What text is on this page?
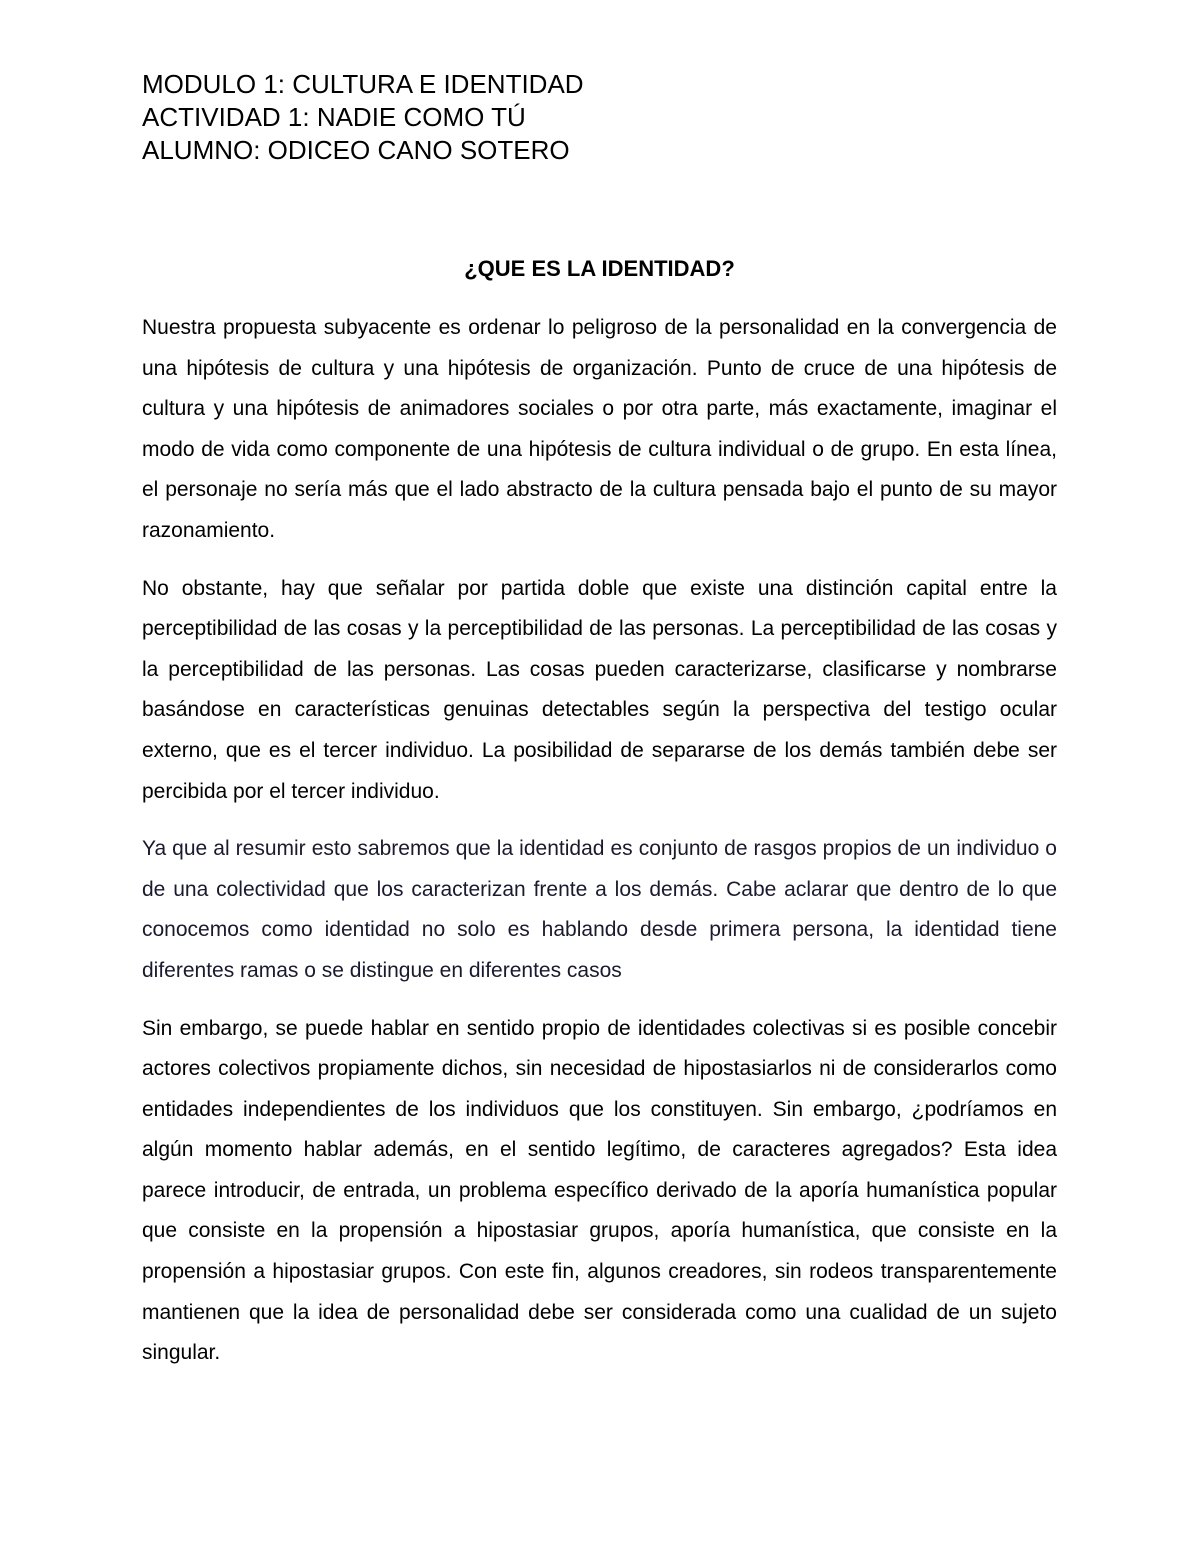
MODULO 1: CULTURA E IDENTIDAD
ACTIVIDAD 1: NADIE COMO TÚ
ALUMNO: ODICEO CANO SOTERO
¿QUE ES LA IDENTIDAD?

Nuestra propuesta subyacente es ordenar lo peligroso de la personalidad en la convergencia de una hipótesis de cultura y una hipótesis de organización. Punto de cruce de una hipótesis de cultura y una hipótesis de animadores sociales o por otra parte, más exactamente, imaginar el modo de vida como componente de una hipótesis de cultura individual o de grupo. En esta línea, el personaje no sería más que el lado abstracto de la cultura pensada bajo el punto de su mayor razonamiento.

No obstante, hay que señalar por partida doble que existe una distinción capital entre la perceptibilidad de las cosas y la perceptibilidad de las personas. La perceptibilidad de las cosas y la perceptibilidad de las personas. Las cosas pueden caracterizarse, clasificarse y nombrarse basándose en características genuinas detectables según la perspectiva del testigo ocular externo, que es el tercer individuo. La posibilidad de separarse de los demás también debe ser percibida por el tercer individuo.

Ya que al resumir esto sabremos que la identidad es conjunto de rasgos propios de un individuo o de una colectividad que los caracterizan frente a los demás. Cabe aclarar que dentro de lo que conocemos como identidad no solo es hablando desde primera persona, la identidad tiene diferentes ramas o se distingue en diferentes casos

Sin embargo, se puede hablar en sentido propio de identidades colectivas si es posible concebir actores colectivos propiamente dichos, sin necesidad de hipostasiarlos ni de considerarlos como entidades independientes de los individuos que los constituyen. Sin embargo, ¿podríamos en algún momento hablar además, en el sentido legítimo, de caracteres agregados? Esta idea parece introducir, de entrada, un problema específico derivado de la aporía humanística popular que consiste en la propensión a hipostasiar grupos, aporía humanística, que consiste en la propensión a hipostasiar grupos. Con este fin, algunos creadores, sin rodeos transparentemente mantienen que la idea de personalidad debe ser considerada como una cualidad de un sujeto singular.
